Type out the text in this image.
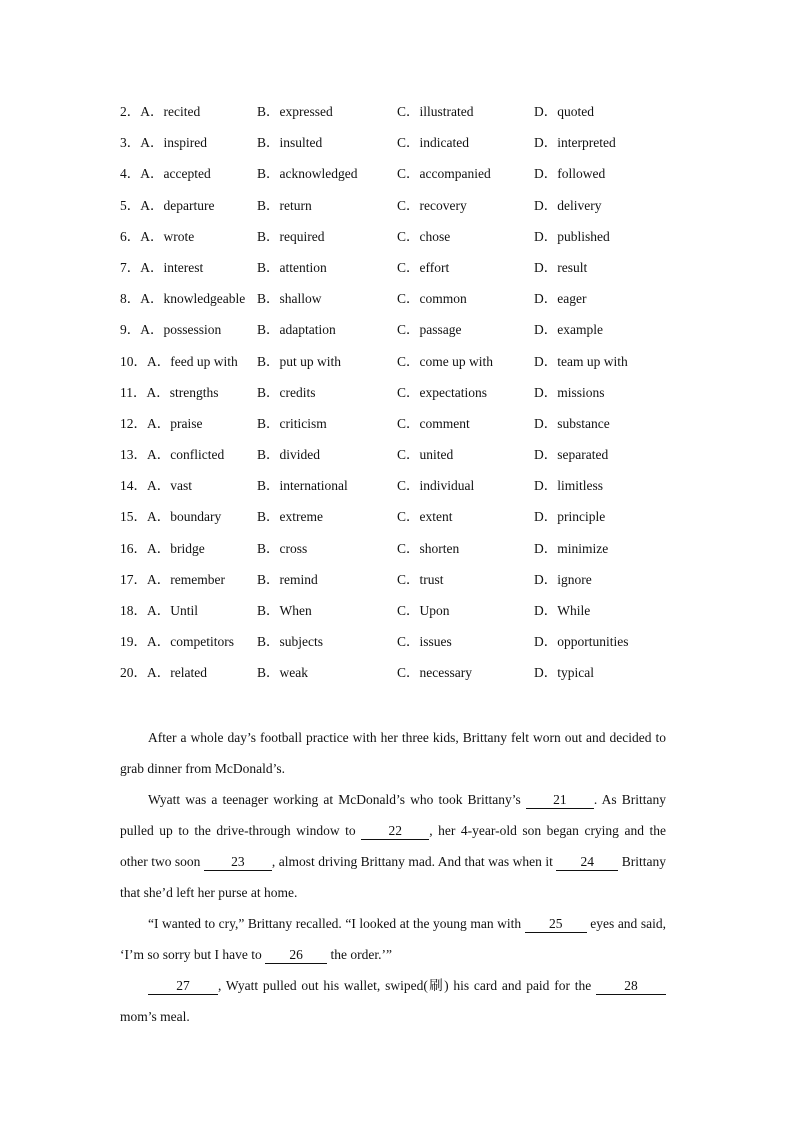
2．A．recited	B．expressed	C．illustrated	D．quoted
3．A．inspired	B．insulted	C．indicated	D．interpreted
4．A．accepted	B．acknowledged	C．accompanied	D．followed
5．A．departure	B．return	C．recovery	D．delivery
6．A．wrote	B．required	C．chose	D．published
7．A．interest	B．attention	C．effort	D．result
8．A．knowledgeable B．shallow	C．common	D．eager
9．A．possession	B．adaptation	C．passage	D．example
10．A．feed up with B．put up with	C．come up with	D．team up with
11．A．strengths	B．credits	C．expectations	D．missions
12．A．praise	B．criticism	C．comment	D．substance
13．A．conflicted B．divided	C．united	D．separated
14．A．vast	B．international	C．individual	D．limitless
15．A．boundary	B．extreme	C．extent	D．principle
16．A．bridge	B．cross	C．shorten	D．minimize
17．A．remember B．remind	C．trust	D．ignore
18．A．Until	B．When	C．Upon	D．While
19．A．competitors B．subjects	C．issues	D．opportunities
20．A．related	B．weak	C．necessary	D．typical

After a whole day’s football practice with her three kids, Brittany felt worn out and decided to grab dinner from McDonald’s.

Wyatt was a teenager working at McDonald’s who took Brittany’s 21 . As Brittany pulled up to the drive-through window to 22 , her 4-year-old son began crying and the other two soon 23 , almost driving Brittany mad. And that was when it 24 Brittany that she’d left her purse at home.

“I wanted to cry,” Brittany recalled. “I looked at the young man with 25 eyes and said, ‘I’m so sorry but I have to 26 the order.’”

27 , Wyatt pulled out his wallet, swiped(刷) his card and paid for the 28 mom’s meal.
